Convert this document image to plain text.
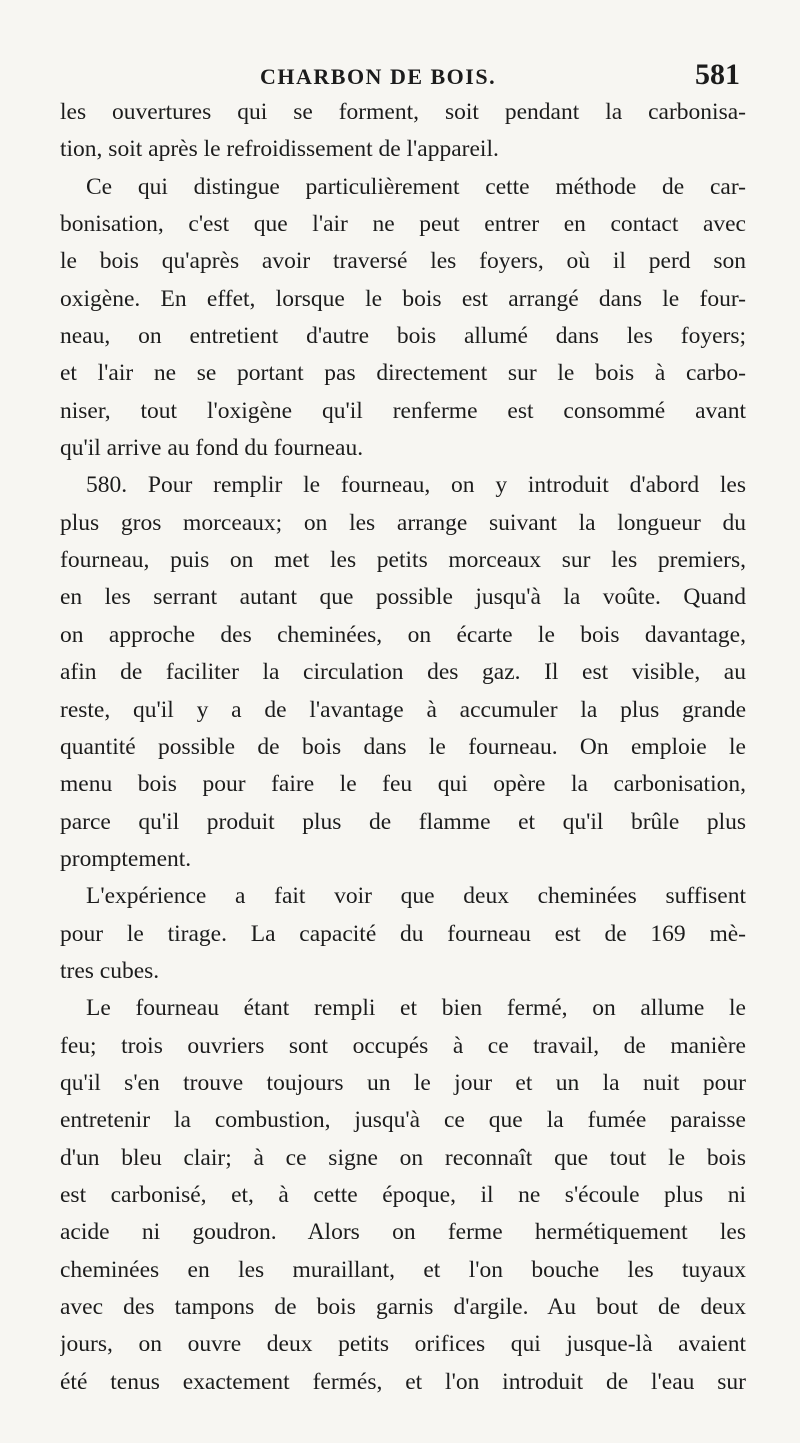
CHARBON DE BOIS.	581
les ouvertures qui se forment, soit pendant la carbonisa-
tion, soit après le refroidissement de l'appareil.
Ce qui distingue particulièrement cette méthode de car-
bonisation, c'est que l'air ne peut entrer en contact avec
le bois qu'après avoir traversé les foyers, où il perd son
oxigène. En effet, lorsque le bois est arrangé dans le four-
neau, on entretient d'autre bois allumé dans les foyers;
et l'air ne se portant pas directement sur le bois à carbo-
niser, tout l'oxigène qu'il renferme est consommé avant
qu'il arrive au fond du fourneau.
580. Pour remplir le fourneau, on y introduit d'abord les
plus gros morceaux; on les arrange suivant la longueur du
fourneau, puis on met les petits morceaux sur les premiers,
en les serrant autant que possible jusqu'à la voûte. Quand
on approche des cheminées, on écarte le bois davantage,
afin de faciliter la circulation des gaz. Il est visible, au
reste, qu'il y a de l'avantage à accumuler la plus grande
quantité possible de bois dans le fourneau. On emploie le
menu bois pour faire le feu qui opère la carbonisation,
parce qu'il produit plus de flamme et qu'il brûle plus
promptement.
L'expérience a fait voir que deux cheminées suffisent
pour le tirage. La capacité du fourneau est de 169 mè-
tres cubes.
Le fourneau étant rempli et bien fermé, on allume le
feu; trois ouvriers sont occupés à ce travail, de manière
qu'il s'en trouve toujours un le jour et un la nuit pour
entretenir la combustion, jusqu'à ce que la fumée paraisse
d'un bleu clair; à ce signe on reconnaît que tout le bois
est carbonisé, et, à cette époque, il ne s'écoule plus ni
acide ni goudron. Alors on ferme hermétiquement les
cheminées en les muraillant, et l'on bouche les tuyaux
avec des tampons de bois garnis d'argile. Au bout de deux
jours, on ouvre deux petits orifices qui jusque-là avaient
été tenus exactement fermés, et l'on introduit de l'eau sur
